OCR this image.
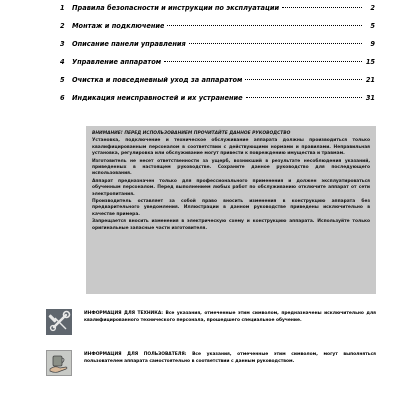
1	Правила безопасности и инструкции по эксплуатации	2
2	Монтаж и подключение	5
3	Описание панели управления	9
4	Управление аппаратом	15
5	Очистка и повседневный уход за аппаратом	21
6	Индикация неисправностей и их устранение	31

ВНИМАНИЕ! ПЕРЕД ИСПОЛЬЗОВАНИЕМ ПРОЧИТАЙТЕ ДАННОЕ РУКОВОДСТВО

Установка, подключение и техническое обслуживание аппарата должны производиться только квалифицированным персоналом в соответствии с действующими нормами и правилами. Неправильная установка, регулировка или обслуживание могут привести к повреждению имущества и травмам.

Изготовитель не несет ответственности за ущерб, возникший в результате несоблюдения указаний, приведенных в настоящем руководстве. Сохраните данное руководство для последующего использования.

Аппарат предназначен только для профессионального применения и должен эксплуатироваться обученным персоналом. Перед выполнением любых работ по обслуживанию отключите аппарат от сети электропитания.

Производитель оставляет за собой право вносить изменения в конструкцию аппарата без предварительного уведомления. Иллюстрации в данном руководстве приведены исключительно в качестве примера.

Запрещается вносить изменения в электрическую схему и конструкцию аппарата. Используйте только оригинальные запасные части изготовителя.

ИНФОРМАЦИЯ ДЛЯ ТЕХНИКА: Все указания, отмеченные этим символом, предназначены исключительно для квалифицированного технического персонала, прошедшего специальное обучение.
ИНФОРМАЦИЯ ДЛЯ ПОЛЬЗОВАТЕЛЯ: Все указания, отмеченные этим символом, могут выполняться пользователем аппарата самостоятельно в соответствии с данным руководством.
